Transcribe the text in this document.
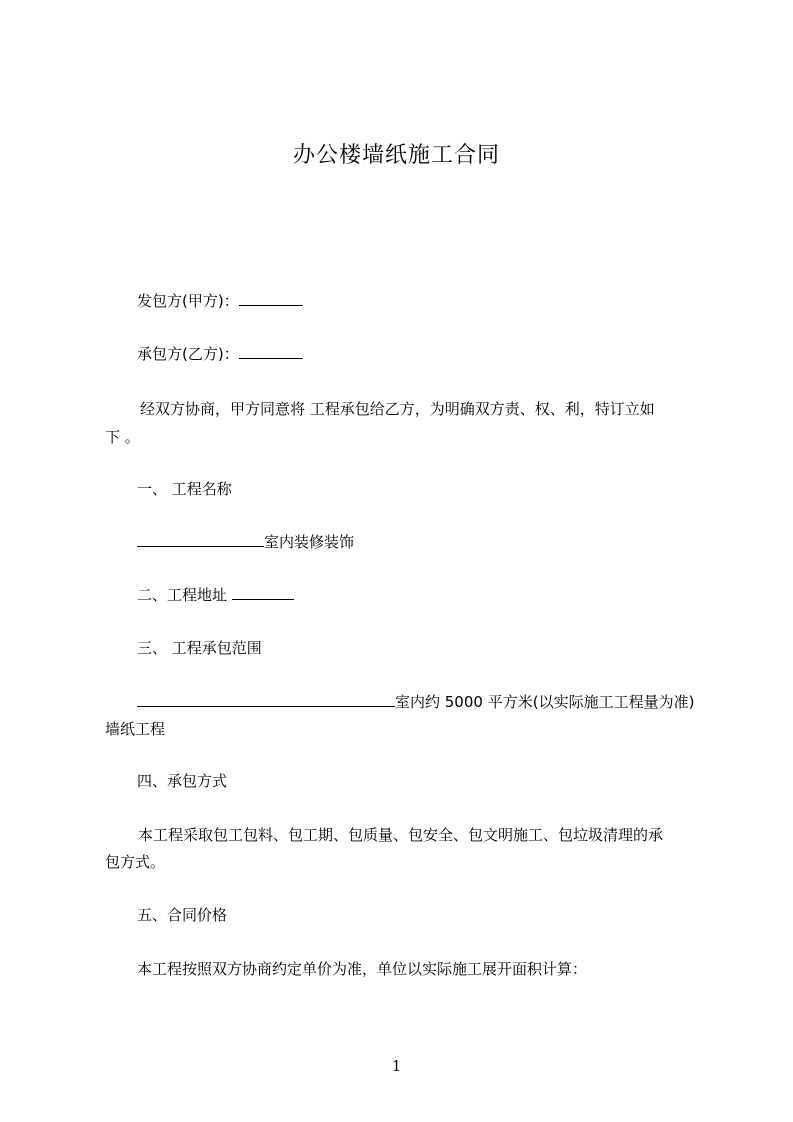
办公楼墙纸施工合同
发包方(甲方)：
承包方(乙方)：
经双方协商，甲方同意将 工程承包给乙方，为明确双方责、权、利，特订立如
下 。
一、 工程名称
室内装修装饰
二、工程地址
三、 工程承包范围
室内约 5000 平方米(以实际施工工程量为准)
墙纸工程
四、承包方式
本工程采取包工包料、包工期、包质量、包安全、包文明施工、包垃圾清理的承
包方式。
五、合同价格
本工程按照双方协商约定单价为准，单位以实际施工展开面积计算：
1
